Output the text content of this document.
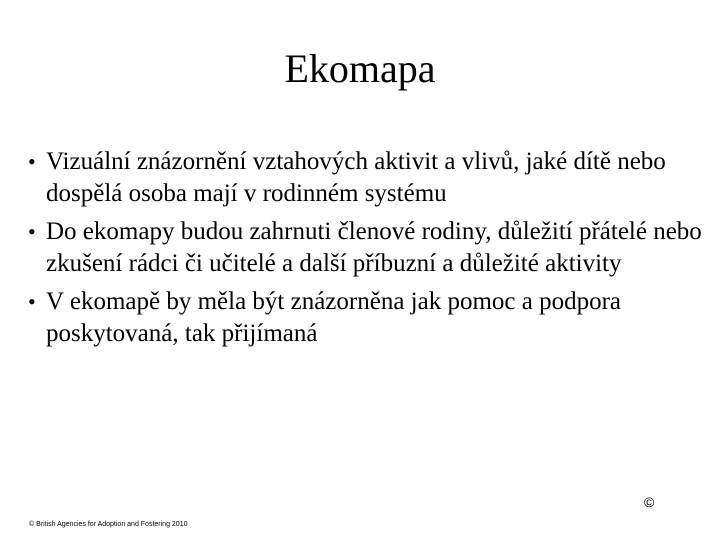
Ekomapa
• Vizuální znázornění vztahových aktivit a vlivů, jaké dítě nebo dospělá osoba mají v rodinném systému
• Do ekomapy budou zahrnuti členové rodiny, důležití přátelé nebo zkušení rádci či učitelé a další příbuzní a důležité aktivity
• V ekomapě by měla být znázorněna jak pomoc a podpora poskytovaná, tak přijímaná
©
© British Agencies for Adoption and Fostering 2010
